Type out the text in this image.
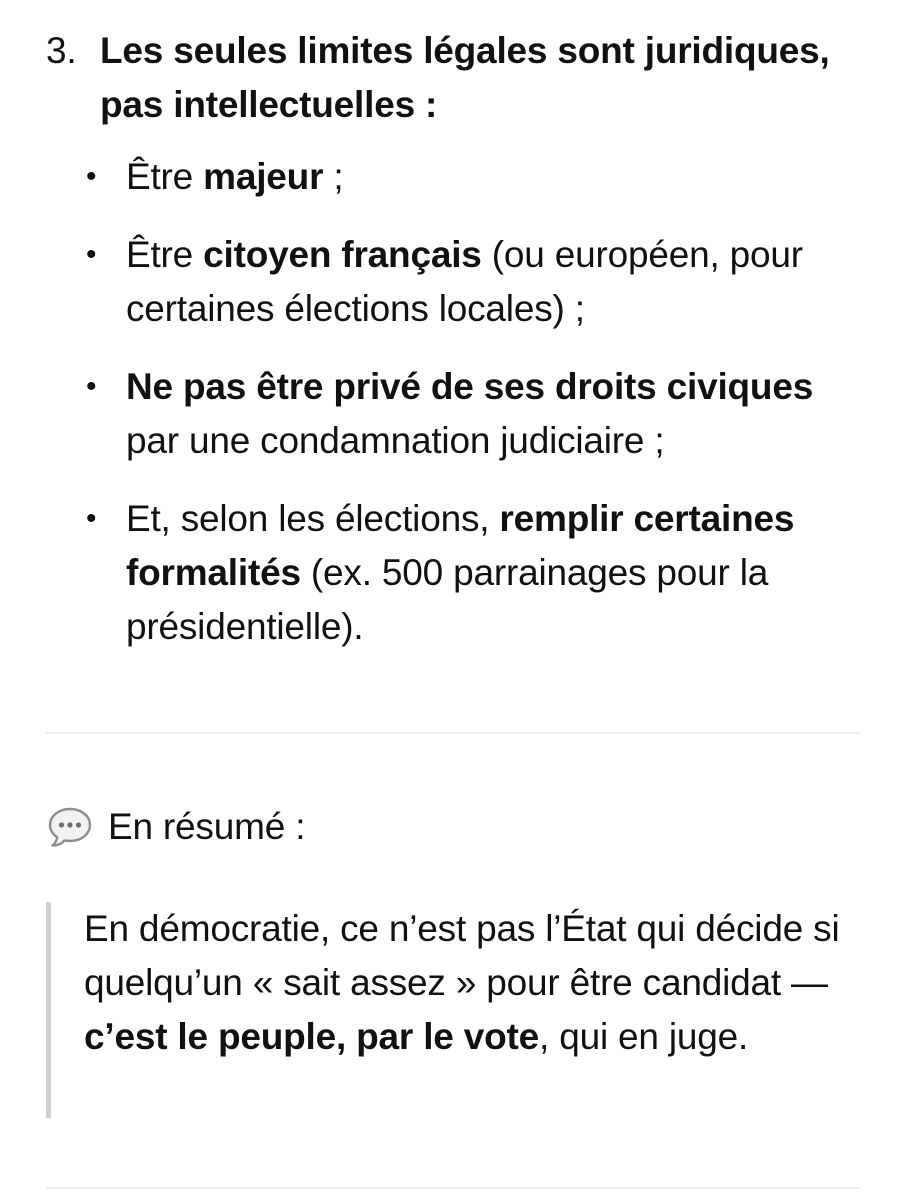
3. Les seules limites légales sont juridiques, pas intellectuelles :
• Être majeur ;
• Être citoyen français (ou européen, pour certaines élections locales) ;
• Ne pas être privé de ses droits civiques par une condamnation judiciaire ;
• Et, selon les élections, remplir certaines formalités (ex. 500 parrainages pour la présidentielle).
En résumé :
En démocratie, ce n’est pas l’État qui décide si quelqu’un « sait assez » pour être candidat — c’est le peuple, par le vote, qui en juge.
